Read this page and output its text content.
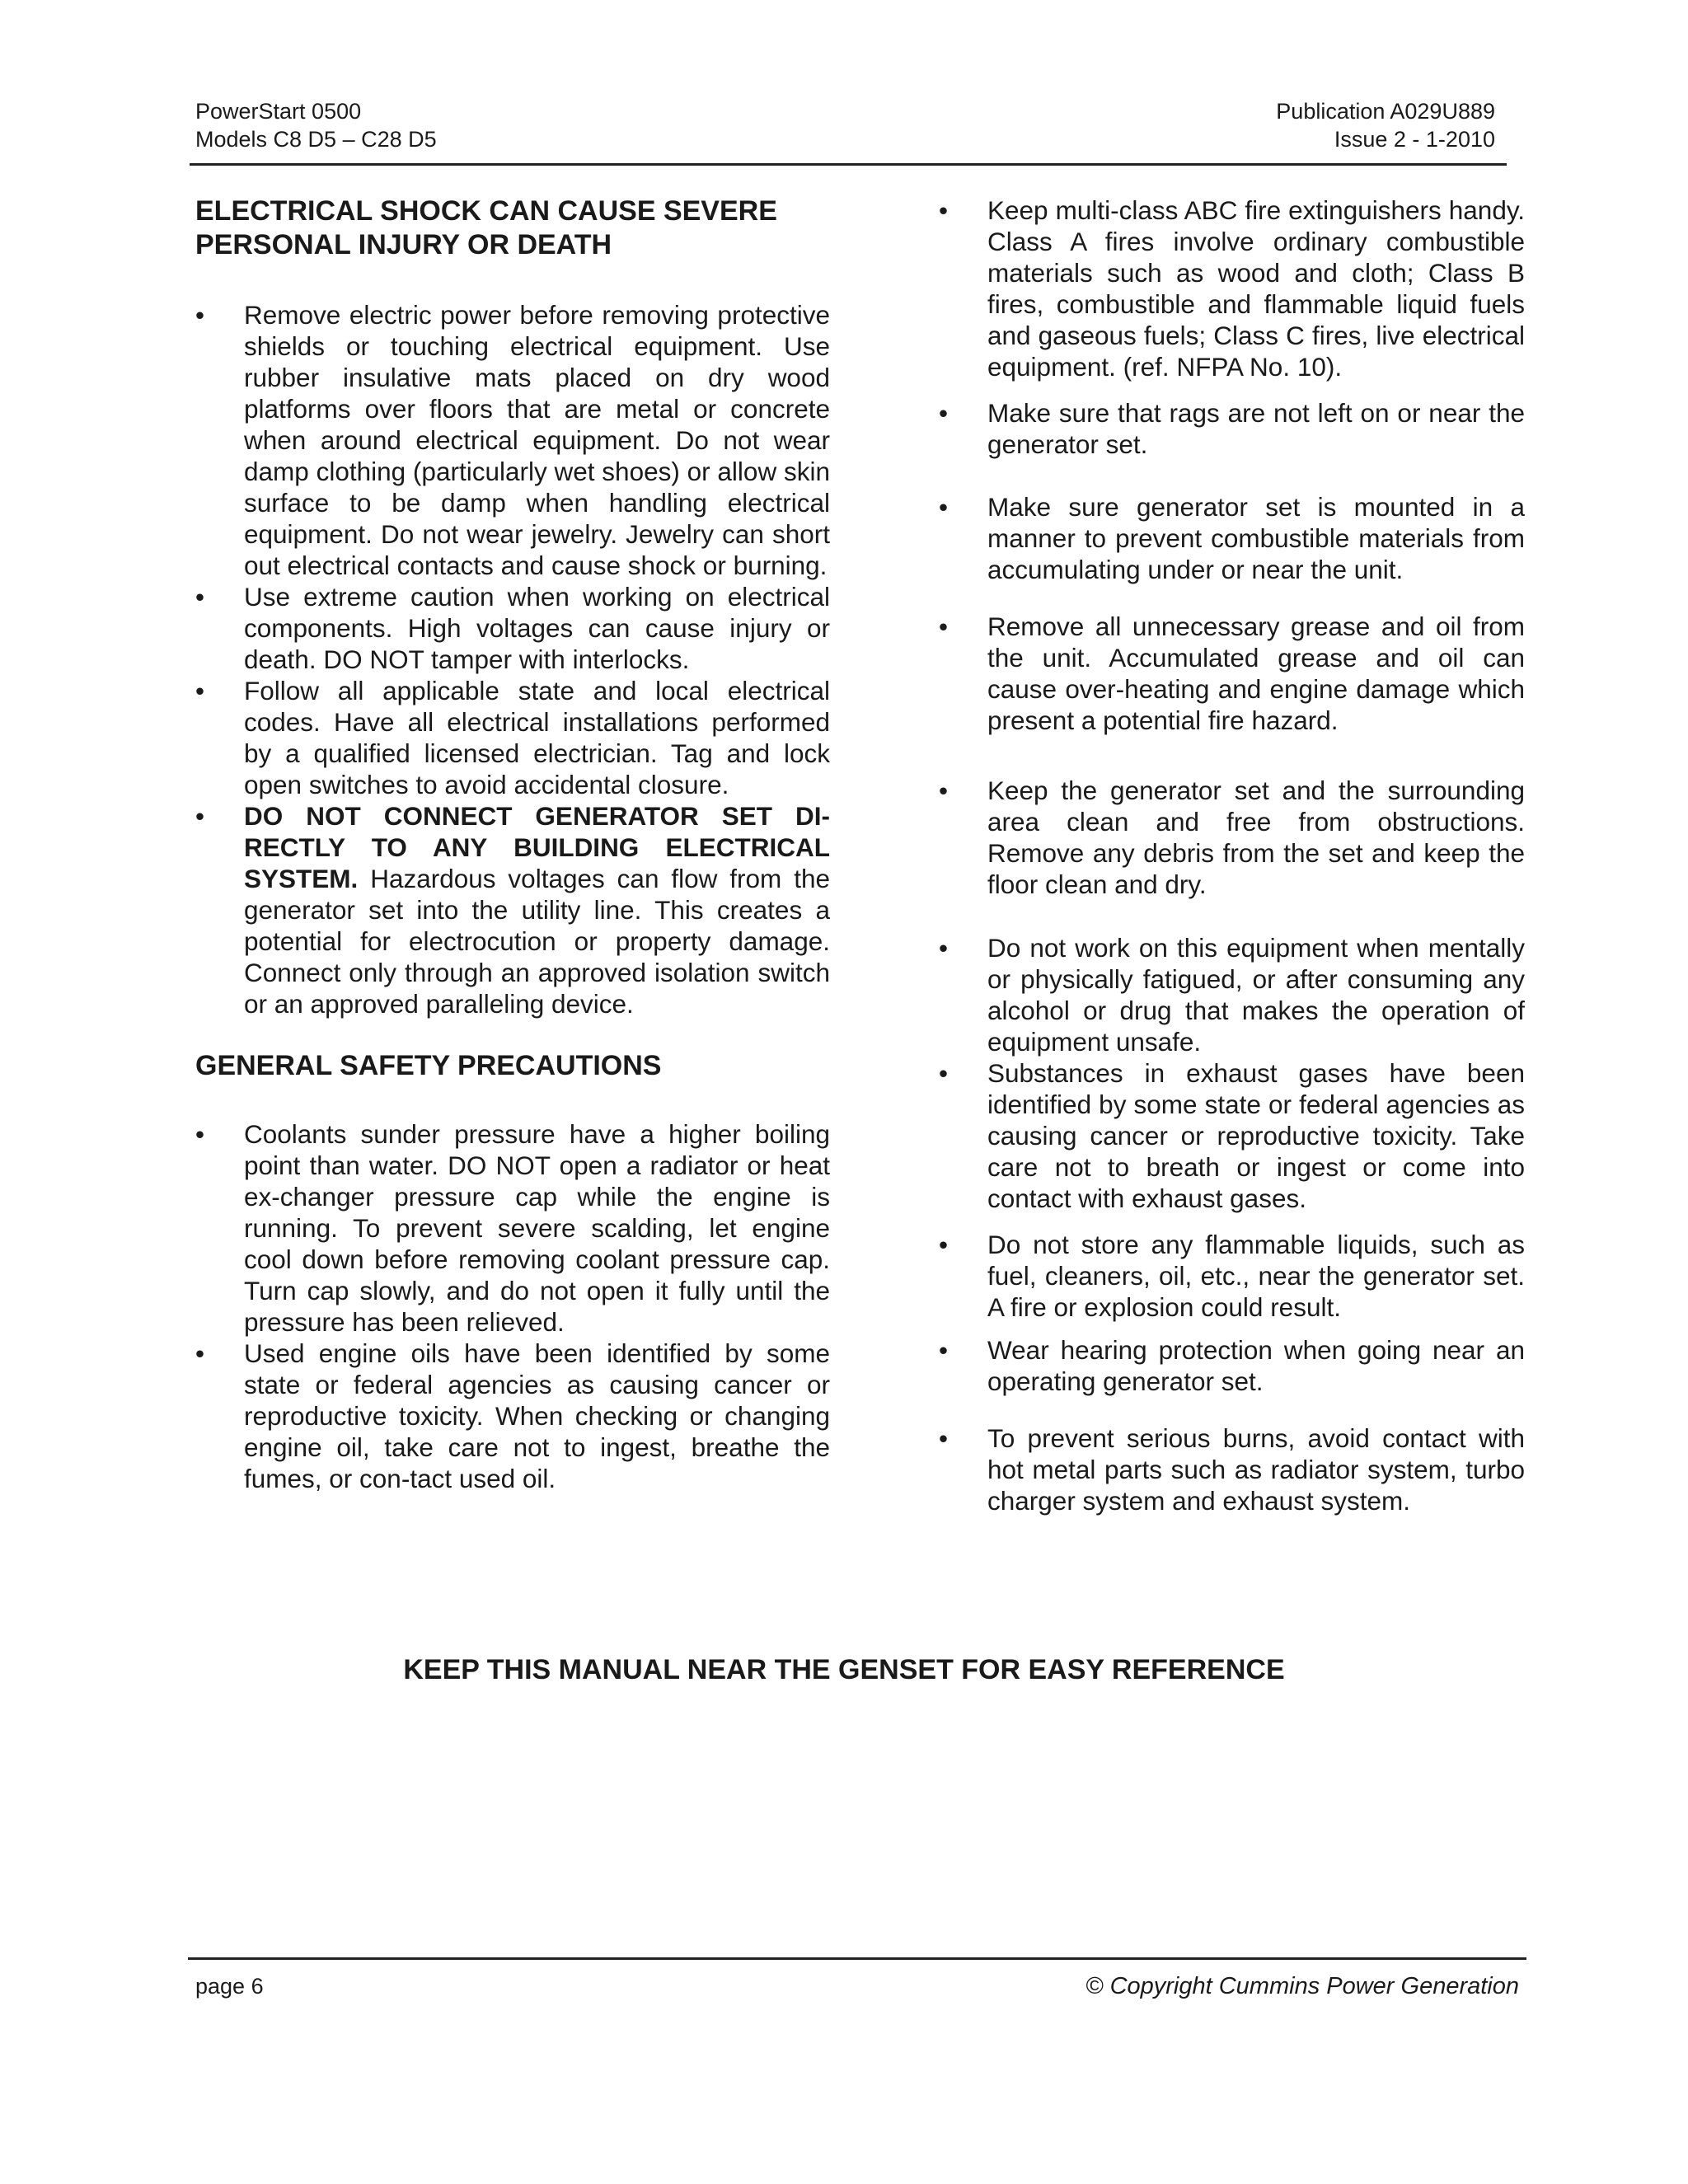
PowerStart 0500
Models C8 D5 – C28 D5
Publication A029U889
Issue 2 - 1-2010
ELECTRICAL SHOCK CAN CAUSE SEVERE
PERSONAL INJURY OR DEATH
• Remove electric power before removing protective shields or touching electrical equipment. Use rubber insulative mats placed on dry wood platforms over floors that are metal or concrete when around electrical equipment. Do not wear damp clothing (particularly wet shoes) or allow skin surface to be damp when handling electrical equipment. Do not wear jewelry. Jewelry can short out electrical contacts and cause shock or burning.
• Use extreme caution when working on electrical components. High voltages can cause injury or death. DO NOT tamper with interlocks.
• Follow all applicable state and local electrical codes. Have all electrical installations performed by a qualified licensed electrician. Tag and lock open switches to avoid accidental closure.
• DO NOT CONNECT GENERATOR SET DI-RECTLY TO ANY BUILDING ELECTRICAL SYSTEM. Hazardous voltages can flow from the generator set into the utility line. This creates a potential for electrocution or property damage. Connect only through an approved isolation switch or an approved paralleling device.
GENERAL SAFETY PRECAUTIONS
• Coolants sunder pressure have a higher boiling point than water. DO NOT open a radiator or heat ex-changer pressure cap while the engine is running. To prevent severe scalding, let engine cool down before removing coolant pressure cap. Turn cap slowly, and do not open it fully until the pressure has been relieved.
• Used engine oils have been identified by some state or federal agencies as causing cancer or reproductive toxicity. When checking or changing engine oil, take care not to ingest, breathe the fumes, or con-tact used oil.
• Keep multi-class ABC fire extinguishers handy. Class A fires involve ordinary combustible materials such as wood and cloth; Class B fires, combustible and flammable liquid fuels and gaseous fuels; Class C fires, live electrical equipment. (ref. NFPA No. 10).
• Make sure that rags are not left on or near the generator set.
• Make sure generator set is mounted in a manner to prevent combustible materials from accumulating under or near the unit.
• Remove all unnecessary grease and oil from the unit. Accumulated grease and oil can cause over-heating and engine damage which present a potential fire hazard.
• Keep the generator set and the surrounding area clean and free from obstructions. Remove any debris from the set and keep the floor clean and dry.
• Do not work on this equipment when mentally or physically fatigued, or after consuming any alcohol or drug that makes the operation of equipment unsafe.
• Substances in exhaust gases have been identified by some state or federal agencies as causing cancer or reproductive toxicity. Take care not to breath or ingest or come into contact with exhaust gases.
• Do not store any flammable liquids, such as fuel, cleaners, oil, etc., near the generator set. A fire or explosion could result.
• Wear hearing protection when going near an operating generator set.
• To prevent serious burns, avoid contact with hot metal parts such as radiator system, turbo charger system and exhaust system.
KEEP THIS MANUAL NEAR THE GENSET FOR EASY REFERENCE
page 6	© Copyright Cummins Power Generation
